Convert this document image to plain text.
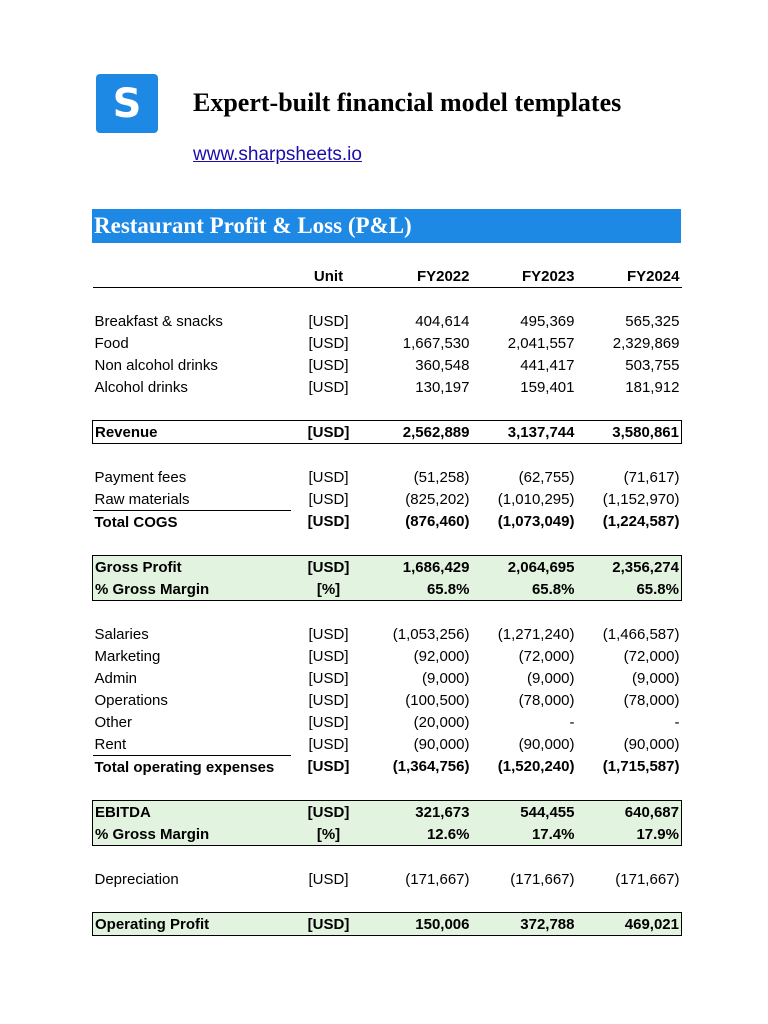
S Expert-built financial model templates
www.sharpsheets.io
Restaurant Profit & Loss (P&L)
	Unit	FY2022	FY2023	FY2024

Breakfast & snacks	[USD]	404,614	495,369	565,325
Food	[USD]	1,667,530	2,041,557	2,329,869
Non alcohol drinks	[USD]	360,548	441,417	503,755
Alcohol drinks	[USD]	130,197	159,401	181,912

Revenue	[USD]	2,562,889	3,137,744	3,580,861

Payment fees	[USD]	(51,258)	(62,755)	(71,617)
Raw materials	[USD]	(825,202)	(1,010,295)	(1,152,970)
Total COGS	[USD]	(876,460)	(1,073,049)	(1,224,587)

Gross Profit	[USD]	1,686,429	2,064,695	2,356,274
% Gross Margin	[%]	65.8%	65.8%	65.8%

Salaries	[USD]	(1,053,256)	(1,271,240)	(1,466,587)
Marketing	[USD]	(92,000)	(72,000)	(72,000)
Admin	[USD]	(9,000)	(9,000)	(9,000)
Operations	[USD]	(100,500)	(78,000)	(78,000)
Other	[USD]	(20,000)	-	-
Rent	[USD]	(90,000)	(90,000)	(90,000)
Total operating expenses	[USD]	(1,364,756)	(1,520,240)	(1,715,587)

EBITDA	[USD]	321,673	544,455	640,687
% Gross Margin	[%]	12.6%	17.4%	17.9%

Depreciation	[USD]	(171,667)	(171,667)	(171,667)

Operating Profit	[USD]	150,006	372,788	469,021
